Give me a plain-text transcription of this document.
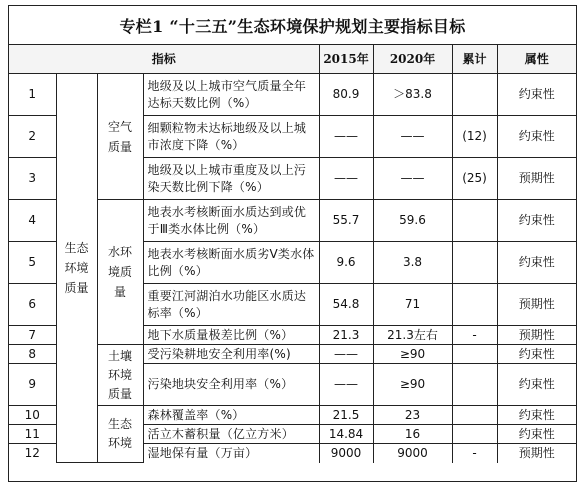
专栏1 “十三五”生态环境保护规划主要指标目标
指标				2015年	2020年	累计	属性
1	生态环境质量	空气质量	地级及以上城市空气质量全年达标天数比例（%）	80.9	＞83.8		约束性
2			细颗粒物未达标地级及以上城市浓度下降（%）	——	——	(12)	约束性
3			地级及以上城市重度及以上污染天数比例下降（%）	——	——	(25)	预期性
4		水环境质量	地表水考核断面水质达到或优于Ⅲ类水体比例（%）	55.7	59.6		约束性
5			地表水考核断面水质劣Ⅴ类水体比例（%）	9.6	3.8		约束性
6			重要江河湖泊水功能区水质达标率（%）	54.8	71		预期性
7			地下水质量极差比例（%）	21.3	21.3左右	-	预期性
8		土壤环境质量	受污染耕地安全利用率(%)	——	≥90		约束性
9			污染地块安全利用率（%）	——	≥90		约束性
10		生态环境	森林覆盖率（%）	21.5	23		约束性
11			活立木蓄积量（亿立方米）	14.84	16		约束性
12			湿地保有量（万亩）	9000	9000	-	预期性
